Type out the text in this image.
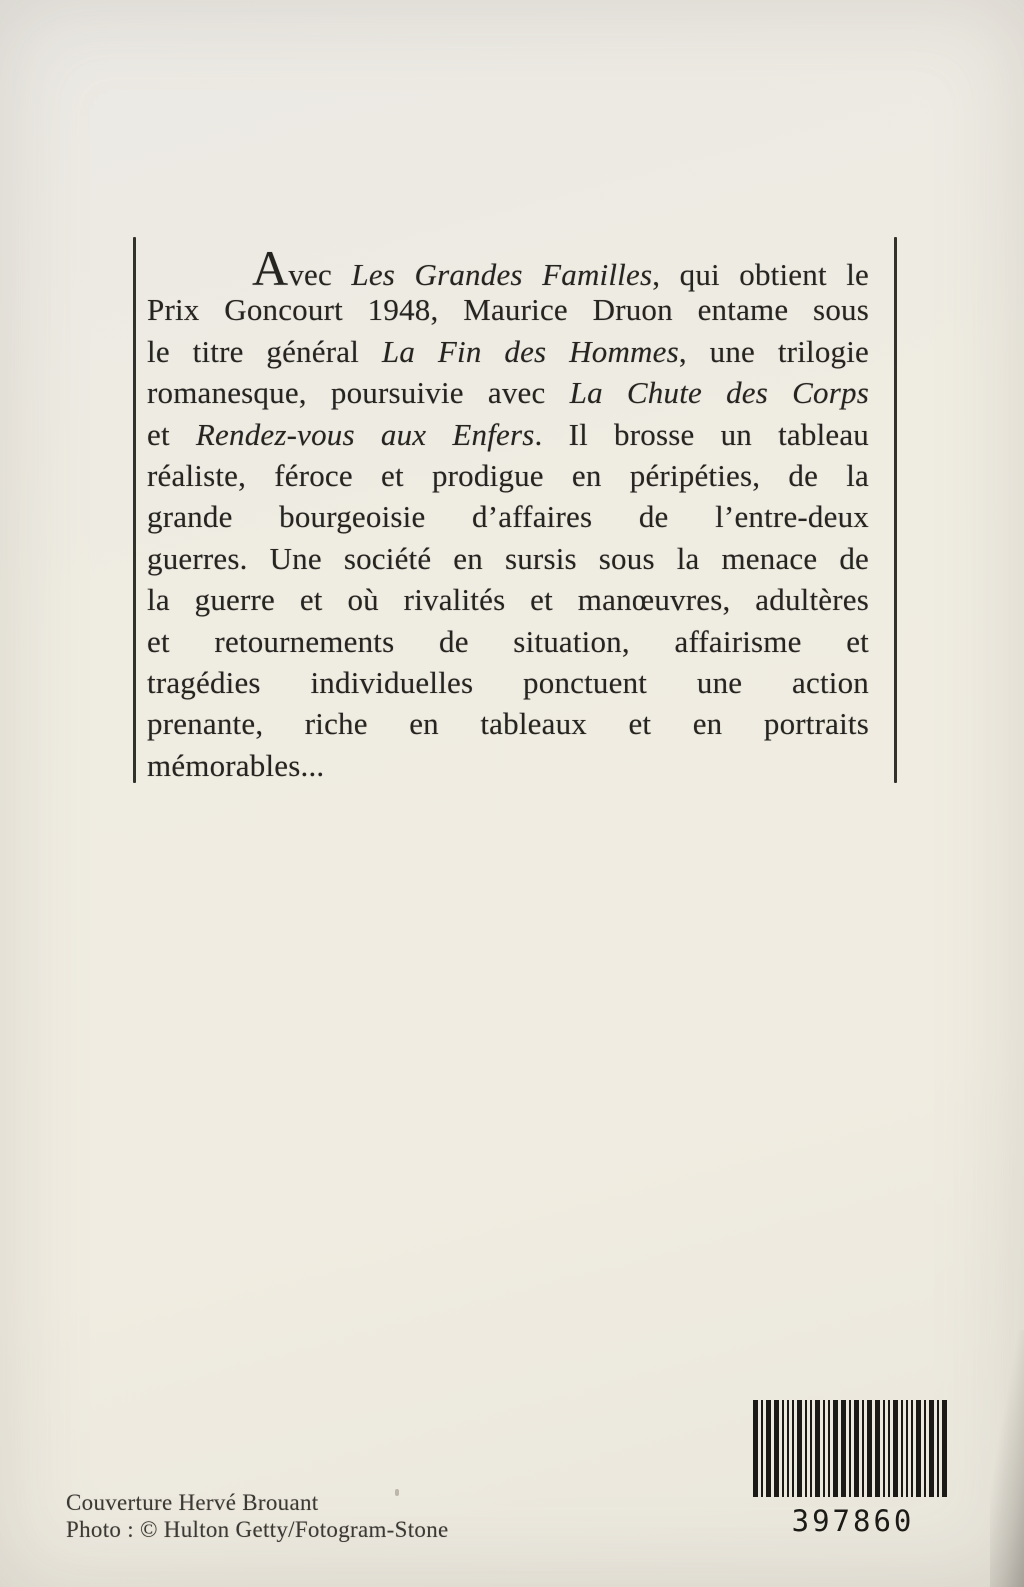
Avec Les Grandes Familles, qui obtient le
Prix Goncourt 1948, Maurice Druon entame sous
le titre général La Fin des Hommes, une trilogie
romanesque, poursuivie avec La Chute des Corps
et Rendez-vous aux Enfers. Il brosse un tableau
réaliste, féroce et prodigue en péripéties, de la
grande bourgeoisie d’affaires de l’entre-deux
guerres. Une société en sursis sous la menace de
la guerre et où rivalités et manœuvres, adultères
et retournements de situation, affairisme et
tragédies individuelles ponctuent une action
prenante, riche en tableaux et en portraits
mémorables...
Couverture Hervé Brouant
Photo : © Hulton Getty/Fotogram-Stone	397860
